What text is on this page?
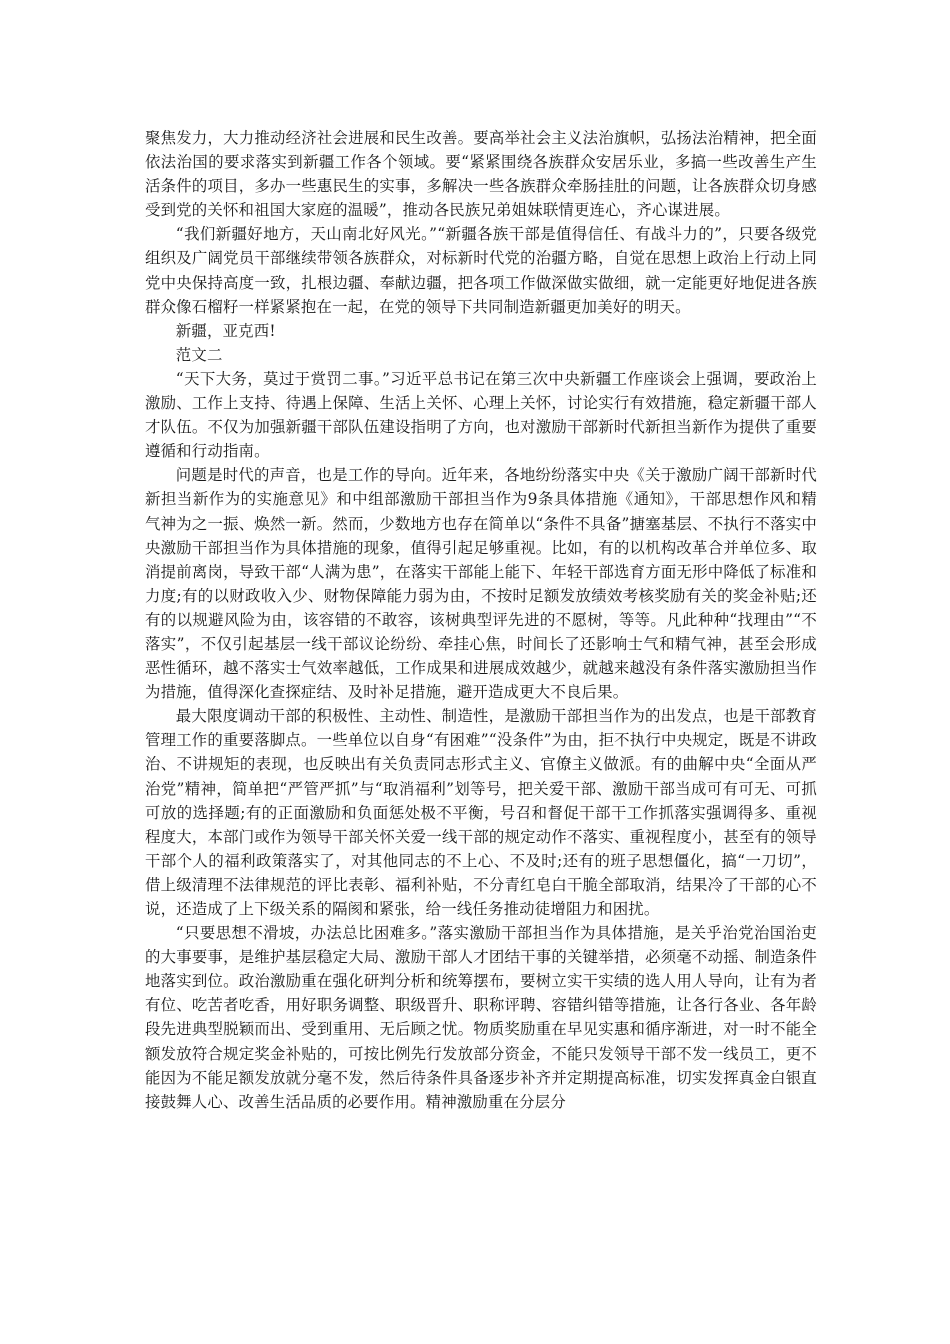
聚焦发力，大力推动经济社会进展和民生改善。要高举社会主义法治旗帜，弘扬法治精神，把全面依法治国的要求落实到新疆工作各个领域。要“紧紧围绕各族群众安居乐业，多搞一些改善生产生活条件的项目，多办一些惠民生的实事，多解决一些各族群众牵肠挂肚的问题，让各族群众切身感受到党的关怀和祖国大家庭的温暖”，推动各民族兄弟姐妹联情更连心，齐心谋进展。

“我们新疆好地方，天山南北好风光。”“新疆各族干部是值得信任、有战斗力的”，只要各级党组织及广阔党员干部继续带领各族群众，对标新时代党的治疆方略，自觉在思想上政治上行动上同党中央保持高度一致，扎根边疆、奉献边疆，把各项工作做深做实做细，就一定能更好地促进各族群众像石榴籽一样紧紧抱在一起，在党的领导下共同制造新疆更加美好的明天。

新疆，亚克西!

范文二

“天下大务，莫过于赏罚二事。”习近平总书记在第三次中央新疆工作座谈会上强调，要政治上激励、工作上支持、待遇上保障、生活上关怀、心理上关怀，讨论实行有效措施，稳定新疆干部人才队伍。不仅为加强新疆干部队伍建设指明了方向，也对激励干部新时代新担当新作为提供了重要遵循和行动指南。

问题是时代的声音，也是工作的导向。近年来，各地纷纷落实中央《关于激励广阔干部新时代新担当新作为的实施意见》和中组部激励干部担当作为9条具体措施《通知》，干部思想作风和精气神为之一振、焕然一新。然而，少数地方也存在简单以“条件不具备”搪塞基层、不执行不落实中央激励干部担当作为具体措施的现象，值得引起足够重视。比如，有的以机构改革合并单位多、取消提前离岗，导致干部“人满为患”，在落实干部能上能下、年轻干部选育方面无形中降低了标准和力度;有的以财政收入少、财物保障能力弱为由，不按时足额发放绩效考核奖励有关的奖金补贴;还有的以规避风险为由，该容错的不敢容，该树典型评先进的不愿树，等等。凡此种种“找理由”“不落实”，不仅引起基层一线干部议论纷纷、牵挂心焦，时间长了还影响士气和精气神，甚至会形成恶性循环，越不落实士气效率越低，工作成果和进展成效越少，就越来越没有条件落实激励担当作为措施，值得深化查探症结、及时补足措施，避开造成更大不良后果。

最大限度调动干部的积极性、主动性、制造性，是激励干部担当作为的出发点，也是干部教育管理工作的重要落脚点。一些单位以自身“有困难”“没条件”为由，拒不执行中央规定，既是不讲政治、不讲规矩的表现，也反映出有关负责同志形式主义、官僚主义做派。有的曲解中央“全面从严治党”精神，简单把“严管严抓”与“取消福利”划等号，把关爱干部、激励干部当成可有可无、可抓可放的选择题;有的正面激励和负面惩处极不平衡，号召和督促干部干工作抓落实强调得多、重视程度大，本部门或作为领导干部关怀关爱一线干部的规定动作不落实、重视程度小，甚至有的领导干部个人的福利政策落实了，对其他同志的不上心、不及时;还有的班子思想僵化，搞“一刀切”，借上级清理不法律规范的评比表彰、福利补贴，不分青红皂白干脆全部取消，结果冷了干部的心不说，还造成了上下级关系的隔阂和紧张，给一线任务推动徒增阻力和困扰。

“只要思想不滑坡，办法总比困难多。”落实激励干部担当作为具体措施，是关乎治党治国治吏的大事要事，是维护基层稳定大局、激励干部人才团结干事的关键举措，必须毫不动摇、制造条件地落实到位。政治激励重在强化研判分析和统筹摆布，要树立实干实绩的选人用人导向，让有为者有位、吃苦者吃香，用好职务调整、职级晋升、职称评聘、容错纠错等措施，让各行各业、各年龄段先进典型脱颖而出、受到重用、无后顾之忧。物质奖励重在早见实惠和循序渐进，对一时不能全额发放符合规定奖金补贴的，可按比例先行发放部分资金，不能只发领导干部不发一线员工，更不能因为不能足额发放就分毫不发，然后待条件具备逐步补齐并定期提高标准，切实发挥真金白银直接鼓舞人心、改善生活品质的必要作用。精神激励重在分层分
